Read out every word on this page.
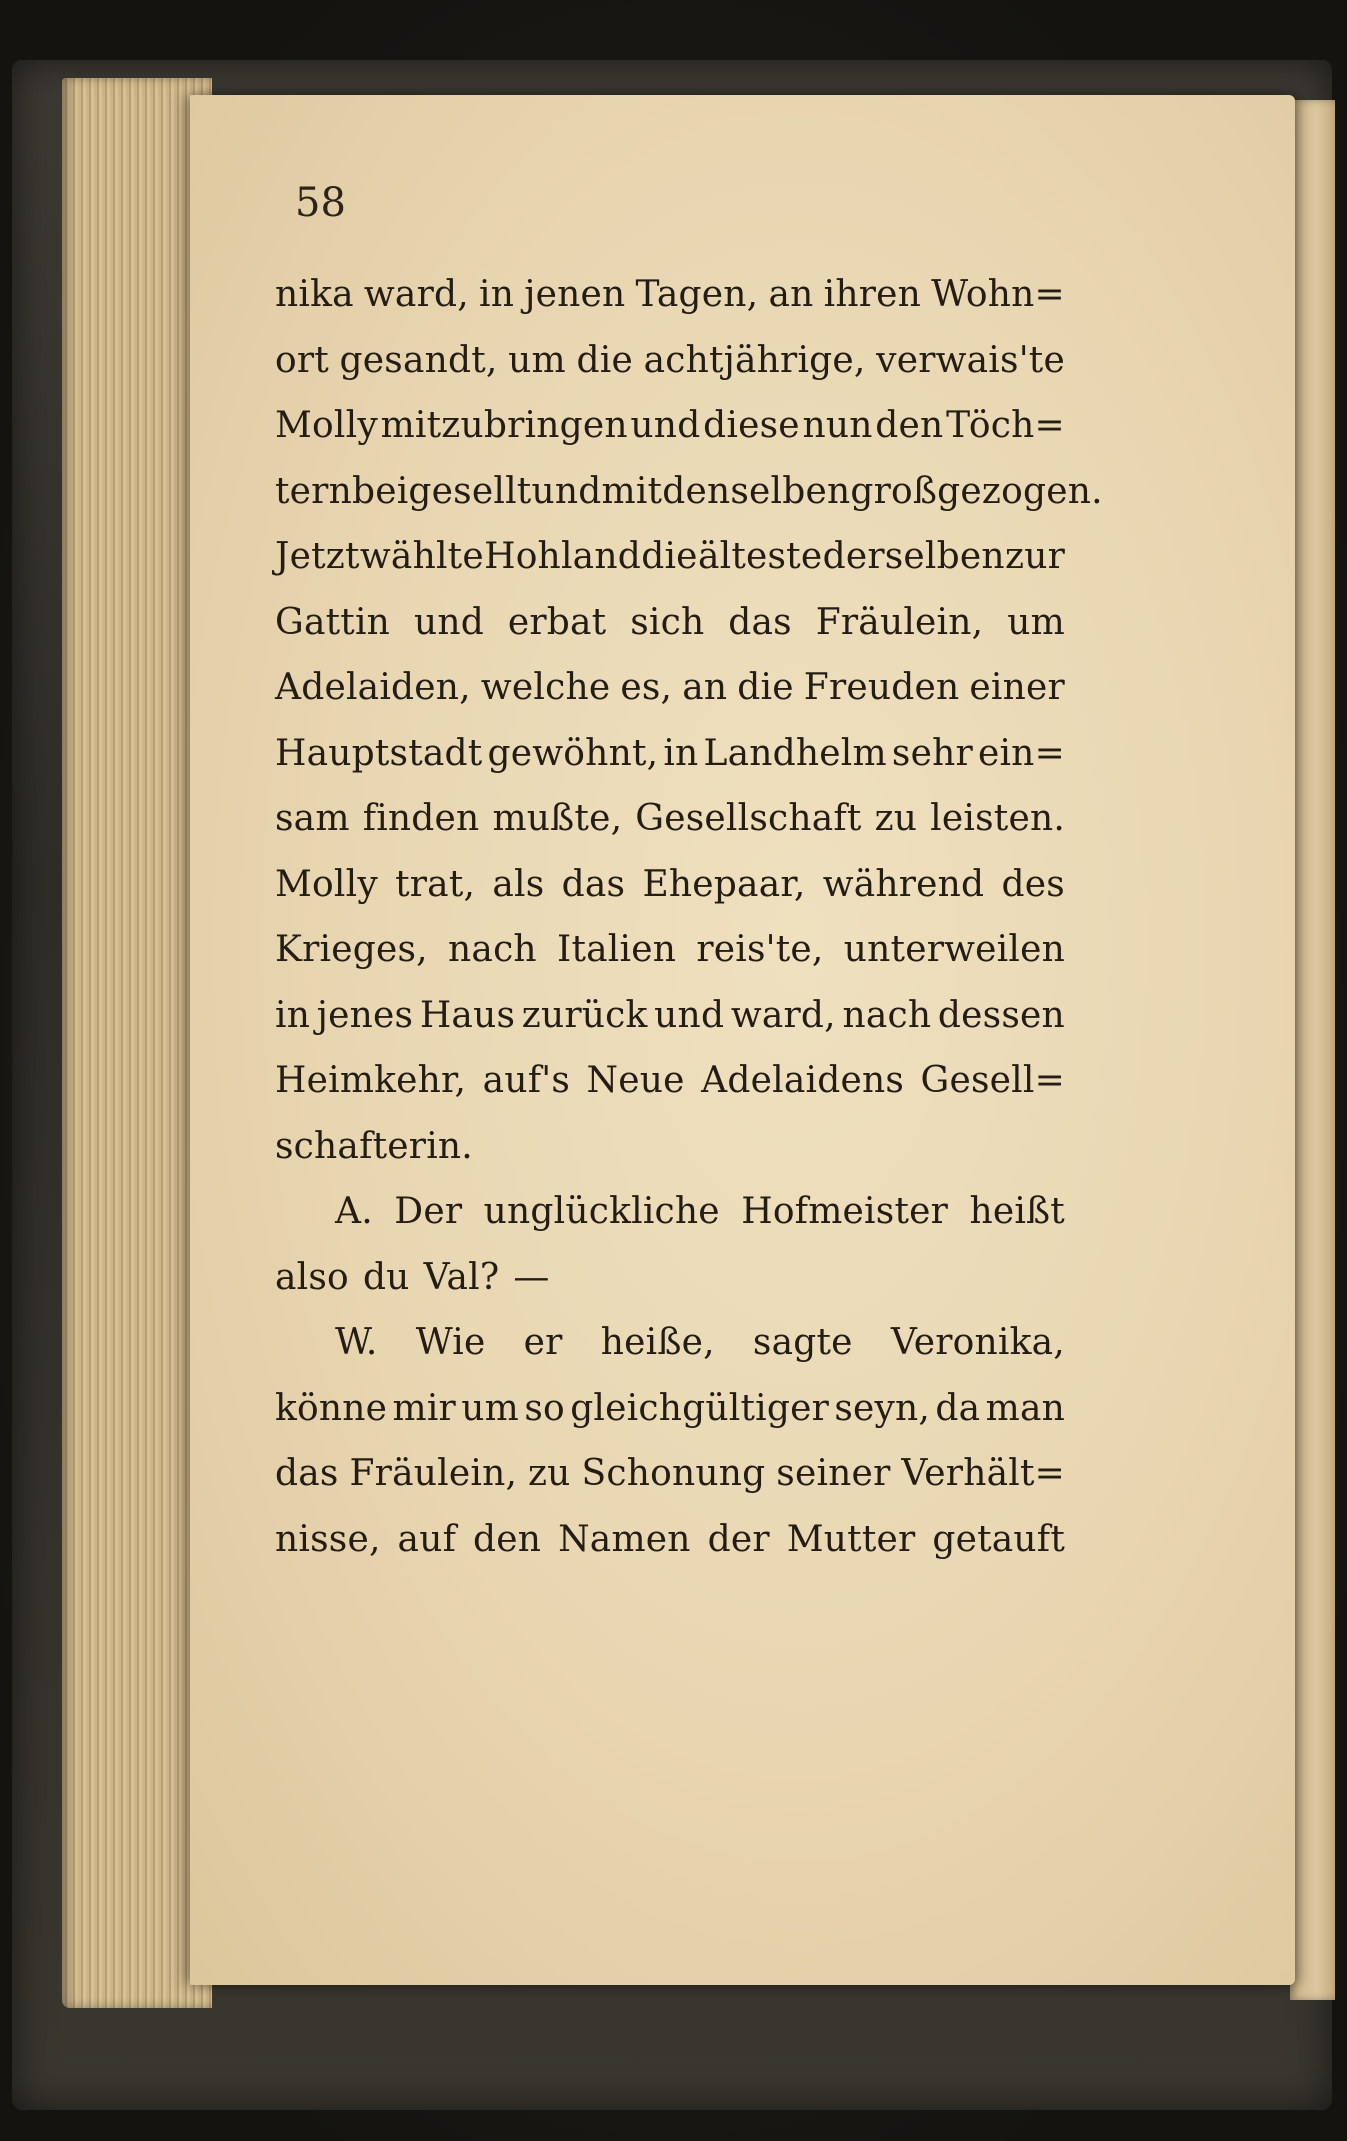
58
nika ward, in jenen Tagen, an ihren Wohn=
ort gesandt, um die achtjährige, verwais'te
Molly mitzubringen und diese nun den Töch=
tern beigesellt und mit denselben groß gezogen.
Jetzt wählte Hohland die älteste derselben zur
Gattin und erbat sich das Fräulein, um
Adelaiden, welche es, an die Freuden einer
Hauptstadt gewöhnt, in Landhelm sehr ein=
sam finden mußte, Gesellschaft zu leisten.
Molly trat, als das Ehepaar, während des
Krieges, nach Italien reis'te, unterweilen
in jenes Haus zurück und ward, nach dessen
Heimkehr, auf's Neue Adelaidens Gesell=
schafterin.
A. Der unglückliche Hofmeister heißt
also du Val? —
W. Wie er heiße, sagte Veronika,
könne mir um so gleichgültiger seyn, da man
das Fräulein, zu Schonung seiner Verhält=
nisse, auf den Namen der Mutter getauft
